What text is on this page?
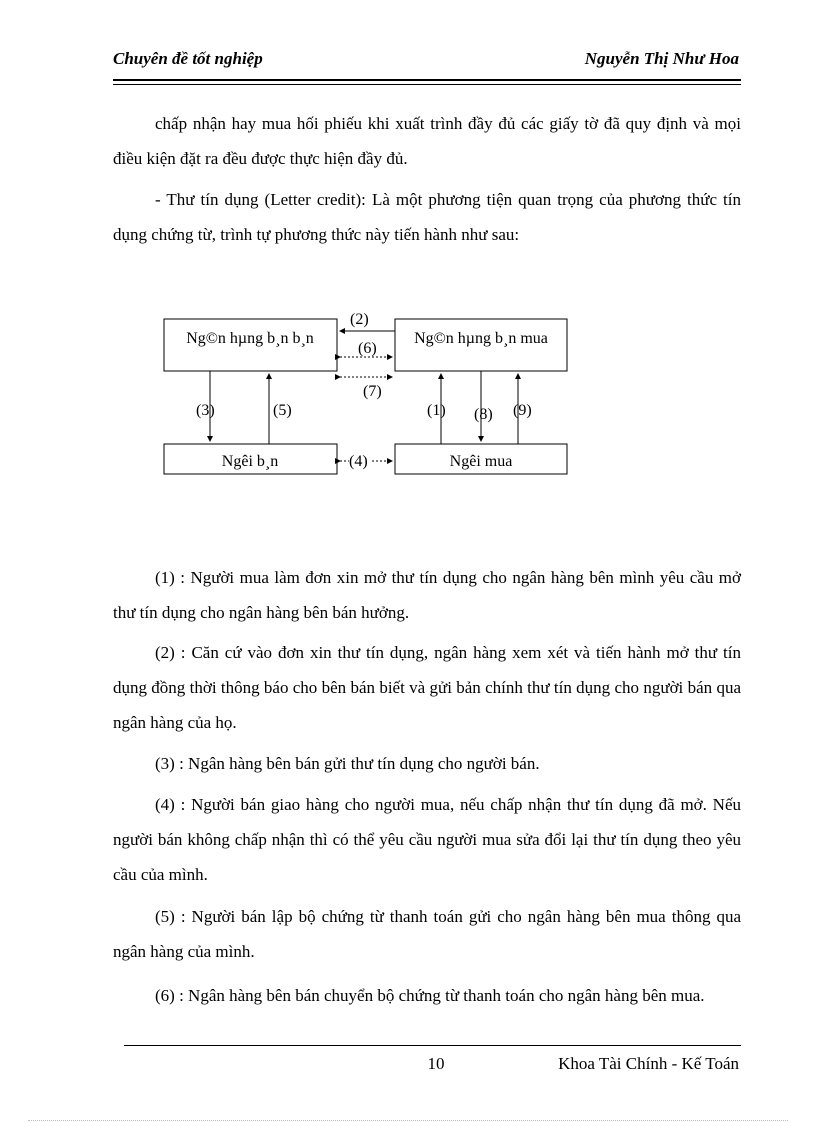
Chuyên đề tốt nghiệp	Nguyễn Thị Như Hoa

chấp nhận hay mua hối phiếu khi xuất trình đầy đủ các giấy tờ đã quy định và mọi điều kiện đặt ra đều được thực hiện đầy đủ.

- Thư tín dụng (Letter credit): Là một phương tiện quan trọng của phương thức tín dụng chứng từ, trình tự phương thức này tiến hành như sau:

Ng©n hµng b¸n b¸n	Ng©n hµng b¸n mua
Ngêi b¸n	Ngêi mua
(2)
(6)
(7)
(3)	(5)	(1) (8) (9)
(4)

(1) : Người mua làm đơn xin mở thư tín dụng cho ngân hàng bên mình yêu cầu mở thư tín dụng cho ngân hàng bên bán hưởng.

(2) : Căn cứ vào đơn xin thư tín dụng, ngân hàng xem xét và tiến hành mở thư tín dụng đồng thời thông báo cho bên bán biết và gửi bản chính thư tín dụng cho người bán qua ngân hàng của họ.

(3) : Ngân hàng bên bán gửi thư tín dụng cho người bán.

(4) : Người bán giao hàng cho người mua, nếu chấp nhận thư tín dụng đã mở. Nếu người bán không chấp nhận thì có thể yêu cầu người mua sửa đổi lại thư tín dụng theo yêu cầu của mình.

(5) : Người bán lập bộ chứng từ thanh toán gửi cho ngân hàng bên mua thông qua ngân hàng của mình.

(6) : Ngân hàng bên bán chuyển bộ chứng từ thanh toán cho ngân hàng bên mua.

10	Khoa Tài Chính - Kế Toán
